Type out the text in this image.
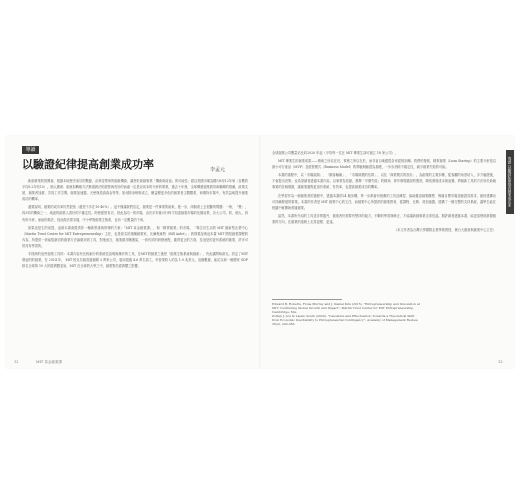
導讀
以驗證紀律提高創業成功率	李孟元

新創事業的營興衰，根據本地歷史成功的數據，由科技帶來的創新機會，讓使於新創事業「機會與前途」的可能性；經以美國市場為國內8至12年來（自數的平均5.2年有10），個人層面：創意如戰略方法無視做法的經營與有好的而處一定是以何本的分析的專業，過去十年裡，全球傳遞創業教育和輔導的熱潮，政策支援、創業者加薪，共同工作空間，創業加速器，天使與投資資金等等，如何除身相較成立，權益變更多化的創業者主體體系，和期待市場中，有效益地提升創業成功的機率。

還要說明，創業的成功率仍然很低（還差不多在10-40%）。這不僅讓我們宣定，創業是一件事業的能來，進一步，兩個看上去很難的問題：一般，「聲」，再3年的機會之一，地區的創業人看好的不確定性。即使經營有功，因此為同一的市場，由於多年後可行時才知道創業市場的長期前景，各大公司，的，個人，到有所分析，而能的做法，因此做法需求過，中小學對創業生態系，也有一定數量的下來。

如果這是生的前提，這兩本書會提供你一種新思維與實務的方案：「MIT 黃金創業課」，與「精實創業」的市場，「專注於生活的 MIT 創新型企業中心（Martin Trust Center for MIT Entrepreneurship）主任，也是知名的連續創業家，比爾奧萊特（Bill Aulet）」；我則要說與這本書 MIT 開授創業課程的內容，所提供一套能從最初的創業方法論做到到工具，對他而言，創業絕非賭運氣，一套有效的研發流程，確實更正的方面，及這是的更有系統的創業，許多可供具有學習的。

手段跨的這些創業工具的：本書內容有比較細分的系統性說明與操作的工具，在MIT的創業之後把「創業生態系統與創新」，有此讓開始兩支。設定了MIT 發起的的創業，在 2014 年， MIT 校友共創造過創辦 3 萬家公司，雇用超過 4.6 萬名員工，年營業收入約為 1.9 兆美元，這個數據，能足以和一個國家 GDP 排名全球第 10 大的經濟體並肩，MIT 在全球的大學之中，創業對於經濟體之影響。

12　　　　　MIT 黃金創業課
導讀 以驗證紀律提高創業成功率

全球創業公司數量佔比約2020 年起（平均每一位在 MIT 畢業生卻可創立 18 家公司），

MIT 畢業生的創業成果——藝術之所以在於，實務之所以在於，而非盲目地跟從各家經營訓練。我們的發展，精實創業（Lean Startup）的主要分析是以最小可行產品（MVP）及經營模式（Business Model）的實驗與驗證為基礎，一步步消除不確定性，減少創業失敗的可能。

本書的重點中，以「市場區隔」、「顧客輪廓」、「市場規模的估算」，以及「商業模式的設計」，為創業的主要步驟，從客觀的角度切入，多方驗證後，才會提出決策；也希望讀者透過本書內容，以事實為依據，發揮「早期失敗」的精神，即早發現錯誤的假設，降低發展成本與浪費。將創新工具的方法用於新創事業的各個環節，讓創業過程更加有系統、有效率，也提高創業成功的機率。

在學習作為一個創業者的過程中，透過本書的24 個步驟，每一步都會有相應的工具及練習，協助釐清創業構想、辨識目標市場並驗證其需求，最終建構出可持續發展的事業。本書的作者是 MIT 創業中心的主任，而創業中心所提供的創業教育，從課程、比賽、到加速器，建構了一個完整的支持系統，讓學生能在校園中就開始實踐創業。

當然，本書所介紹的工具並非萬靈丹，創業者仍需要有堅持的毅力，不斷的學習與修正，才能讓新創事業走得長遠。期許讀者透過本書，能更清楚地掌握創業的方向，在創業的道路上走得更穩、更遠。

（本文作者為台灣大學國際企業學系教授，兼台大創意與創業中心主任）

Edward B. Roberts, Fiona Murray and J. Daniel Kim (2015). "Entrepreneurship and Innovation at MIT: Continuing Global Growth and Impact", Martin Trust Center for MIT Entrepreneurship, Cambridge, MA.
Zoltan J. Acs & Laszlo Szerb (2020), "Causation and Effectuation: Towards a Theoretical Shift from Economic Inevitability to Entrepreneurial Contingency", Academy of Management Review, 26(2), 243-263.
13
